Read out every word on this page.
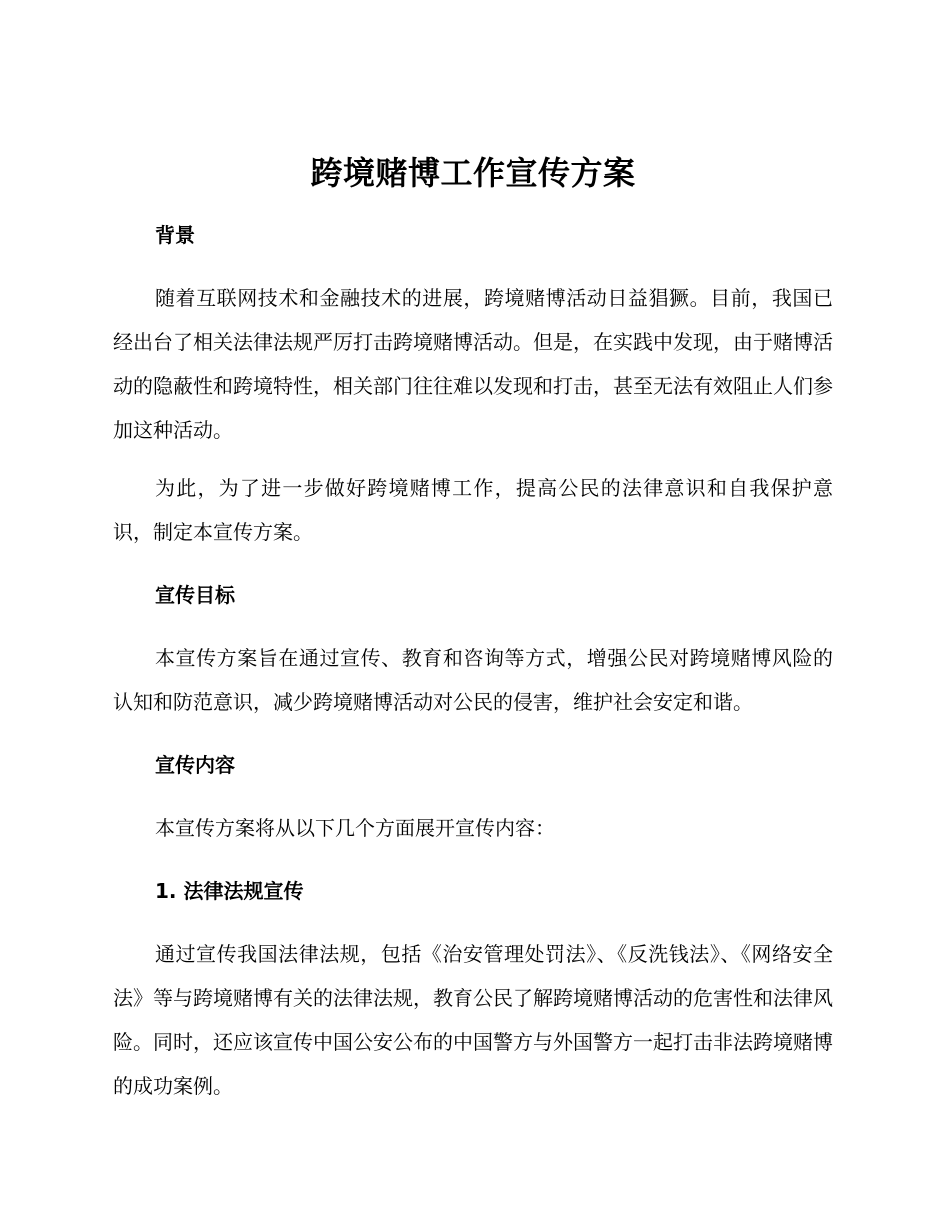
跨境赌博工作宣传方案
背景

随着互联网技术和金融技术的进展，跨境赌博活动日益猖獗。目前，我国已经出台了相关法律法规严厉打击跨境赌博活动。但是，在实践中发现，由于赌博活动的隐蔽性和跨境特性，相关部门往往难以发现和打击，甚至无法有效阻止人们参加这种活动。

为此，为了进一步做好跨境赌博工作，提高公民的法律意识和自我保护意识，制定本宣传方案。

宣传目标

本宣传方案旨在通过宣传、教育和咨询等方式，增强公民对跨境赌博风险的认知和防范意识，减少跨境赌博活动对公民的侵害，维护社会安定和谐。

宣传内容

本宣传方案将从以下几个方面展开宣传内容：

1. 法律法规宣传

通过宣传我国法律法规，包括《治安管理处罚法》、《反洗钱法》、《网络安全法》等与跨境赌博有关的法律法规，教育公民了解跨境赌博活动的危害性和法律风险。同时，还应该宣传中国公安公布的中国警方与外国警方一起打击非法跨境赌博的成功案例。
